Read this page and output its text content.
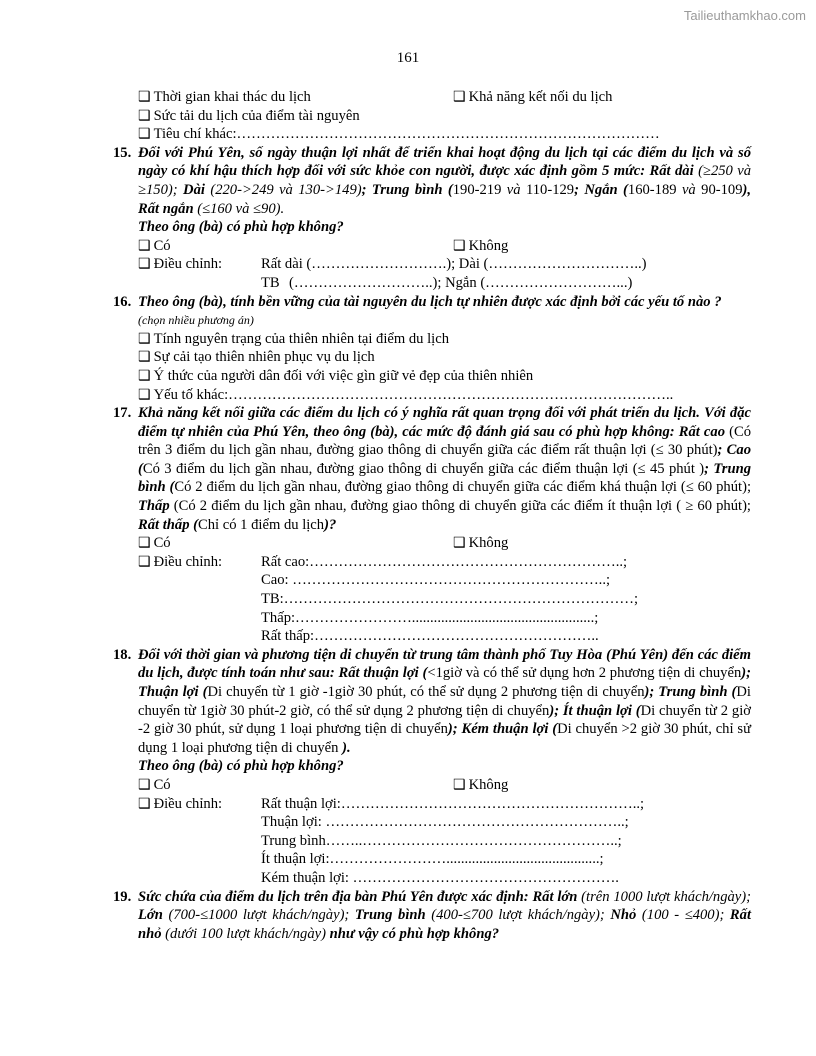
Tailieuthamkhao.com
161
❑ Thời gian khai thác du lịch	❑ Khả năng kết nối du lịch
❑ Sức tải du lịch của điểm tài nguyên
❑ Tiêu chí khác:……………………………………………………………………………
15. Đối với Phú Yên, số ngày thuận lợi nhất để triển khai hoạt động du lịch tại các điểm du lịch và số ngày có khí hậu thích hợp đối với sức khỏe con người, được xác định gồm 5 mức: Rất dài (≥250 và ≥150); Dài (220->249 và 130->149); Trung bình (190-219 và 110-129; Ngắn (160-189 và 90-109), Rất ngắn (≤160 và ≤90).
Theo ông (bà) có phù hợp không?
❑ Có	❑ Không
❑ Điều chỉnh:	Rất dài (……………………….); Dài (…………………………..)
TB (………………………..); Ngắn (………………………...)
16. Theo ông (bà), tính bền vững của tài nguyên du lịch tự nhiên được xác định bởi các yếu tố nào ?
(chọn nhiều phương án)
❑ Tính nguyên trạng của thiên nhiên tại điểm du lịch
❑ Sự cải tạo thiên nhiên phục vụ du lịch
❑ Ý thức của người dân đối với việc gìn giữ vẻ đẹp của thiên nhiên
❑ Yếu tố khác:………………………………………………………………………………..
17. Khả năng kết nối giữa các điểm du lịch có ý nghĩa rất quan trọng đối với phát triển du lịch. Với đặc điểm tự nhiên của Phú Yên, theo ông (bà), các mức độ đánh giá sau có phù hợp không: Rất cao (Có trên 3 điểm du lịch gần nhau, đường giao thông di chuyển giữa các điểm rất thuận lợi (≤ 30 phút); Cao (Có 3 điểm du lịch gần nhau, đường giao thông di chuyển giữa các điểm thuận lợi (≤ 45 phút ); Trung bình (Có 2 điểm du lịch gần nhau, đường giao thông di chuyển giữa các điểm khá thuận lợi (≤ 60 phút); Thấp (Có 2 điểm du lịch gần nhau, đường giao thông di chuyển giữa các điểm ít thuận lợi ( ≥ 60 phút); Rất thấp (Chỉ có 1 điểm du lịch)?
❑ Có	❑ Không
❑ Điều chỉnh:	Rất cao:………………………………………………………..;
Cao: ………………………………………………………..;
TB:………………………………………………………………;
Thấp:……………………..................................................;
Rất thấp:…………………………………………………..
18. Đối với thời gian và phương tiện di chuyển từ trung tâm thành phố Tuy Hòa (Phú Yên) đến các điểm du lịch, được tính toán như sau: Rất thuận lợi (<1giờ và có thể sử dụng hơn 2 phương tiện di chuyển); Thuận lợi (Di chuyển từ 1 giờ -1giờ 30 phút, có thể sử dụng 2 phương tiện di chuyển); Trung bình (Di chuyển từ 1giờ 30 phút-2 giờ, có thể sử dụng 2 phương tiện di chuyển); Ít thuận lợi (Di chuyển từ 2 giờ -2 giờ 30 phút, sử dụng 1 loại phương tiện di chuyển); Kém thuận lợi (Di chuyển >2 giờ 30 phút, chỉ sử dụng 1 loại phương tiện di chuyển ).
Theo ông (bà) có phù hợp không?
❑ Có	❑ Không
❑ Điều chỉnh:	Rất thuận lợi:……………………………………………………..;
Thuận lợi: ……………………………………………………..;
Trung bình……..……………………………………………..;
Ít thuận lợi:……………………..........................................;
Kém thuận lợi: ……………………………………………….
19. Sức chứa của điểm du lịch trên địa bàn Phú Yên được xác định: Rất lớn (trên 1000 lượt khách/ngày); Lớn (700-≤1000 lượt khách/ngày); Trung bình (400-≤700 lượt khách/ngày); Nhỏ (100 - ≤400); Rất nhỏ (dưới 100 lượt khách/ngày) như vậy có phù hợp không?
